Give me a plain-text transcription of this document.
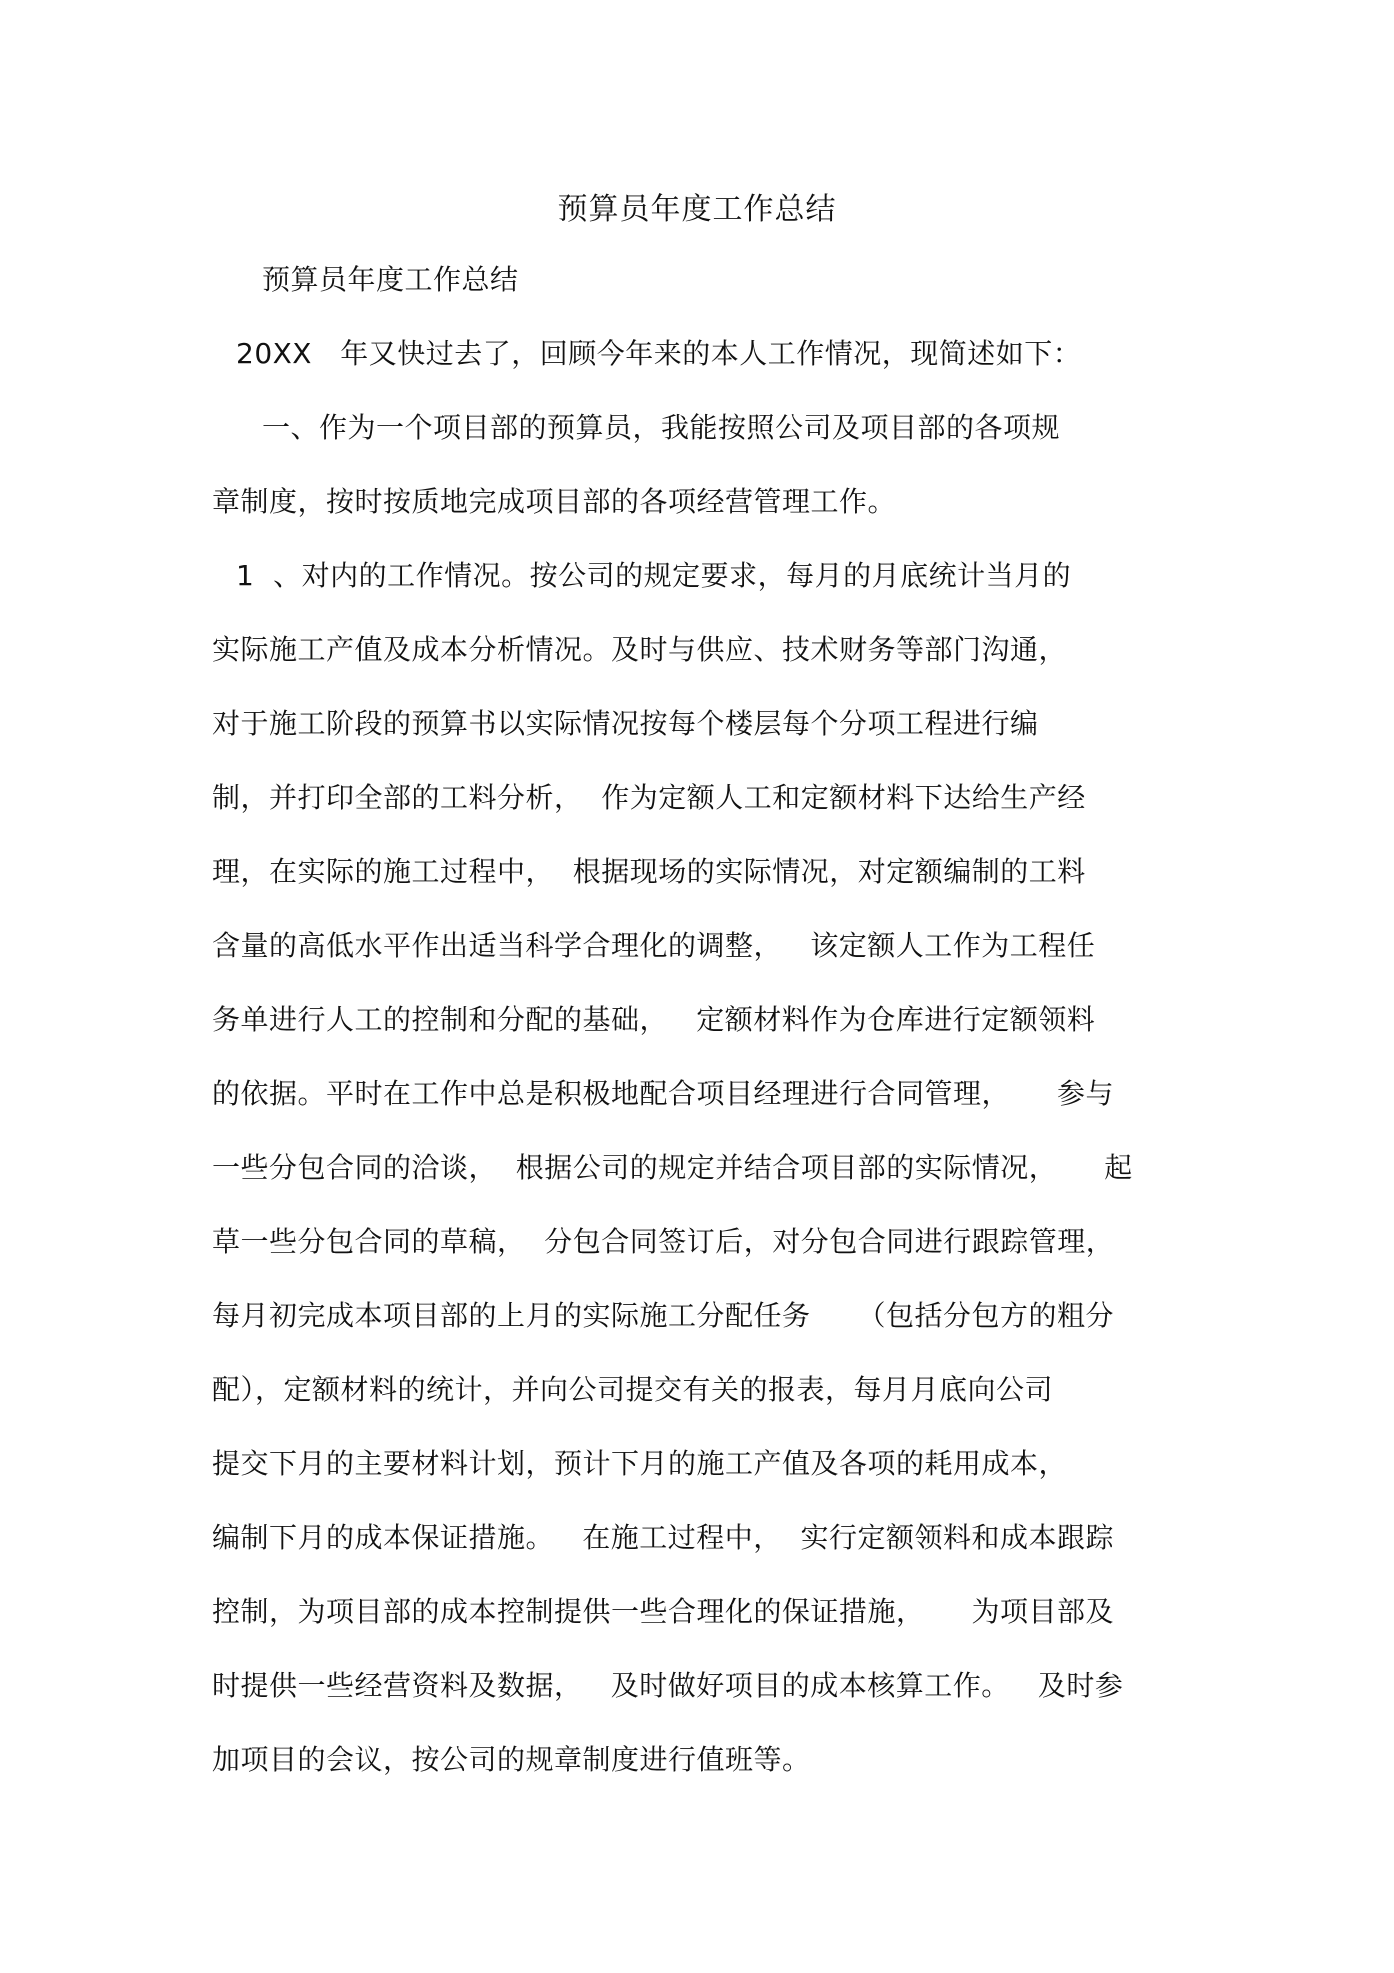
预算员年度工作总结
预算员年度工作总结
20XX   年又快过去了，回顾今年来的本人工作情况，现简述如下：
一、作为一个项目部的预算员，我能按照公司及项目部的各项规
章制度，按时按质地完成项目部的各项经营管理工作。
1  、对内的工作情况。按公司的规定要求，每月的月底统计当月的
实际施工产值及成本分析情况。及时与供应、技术财务等部门沟通，
对于施工阶段的预算书以实际情况按每个楼层每个分项工程进行编
制，并打印全部的工料分析，  作为定额人工和定额材料下达给生产经
理，在实际的施工过程中，  根据现场的实际情况，对定额编制的工料
含量的高低水平作出适当科学合理化的调整，   该定额人工作为工程任
务单进行人工的控制和分配的基础，   定额材料作为仓库进行定额领料
的依据。平时在工作中总是积极地配合项目经理进行合同管理，     参与
一些分包合同的洽谈，  根据公司的规定并结合项目部的实际情况，     起
草一些分包合同的草稿，  分包合同签订后，对分包合同进行跟踪管理，
每月初完成本项目部的上月的实际施工分配任务     （包括分包方的粗分
配），定额材料的统计，并向公司提交有关的报表，每月月底向公司
提交下月的主要材料计划，预计下月的施工产值及各项的耗用成本，
编制下月的成本保证措施。   在施工过程中，  实行定额领料和成本跟踪
控制，为项目部的成本控制提供一些合理化的保证措施，     为项目部及
时提供一些经营资料及数据，   及时做好项目的成本核算工作。   及时参
加项目的会议，按公司的规章制度进行值班等。
